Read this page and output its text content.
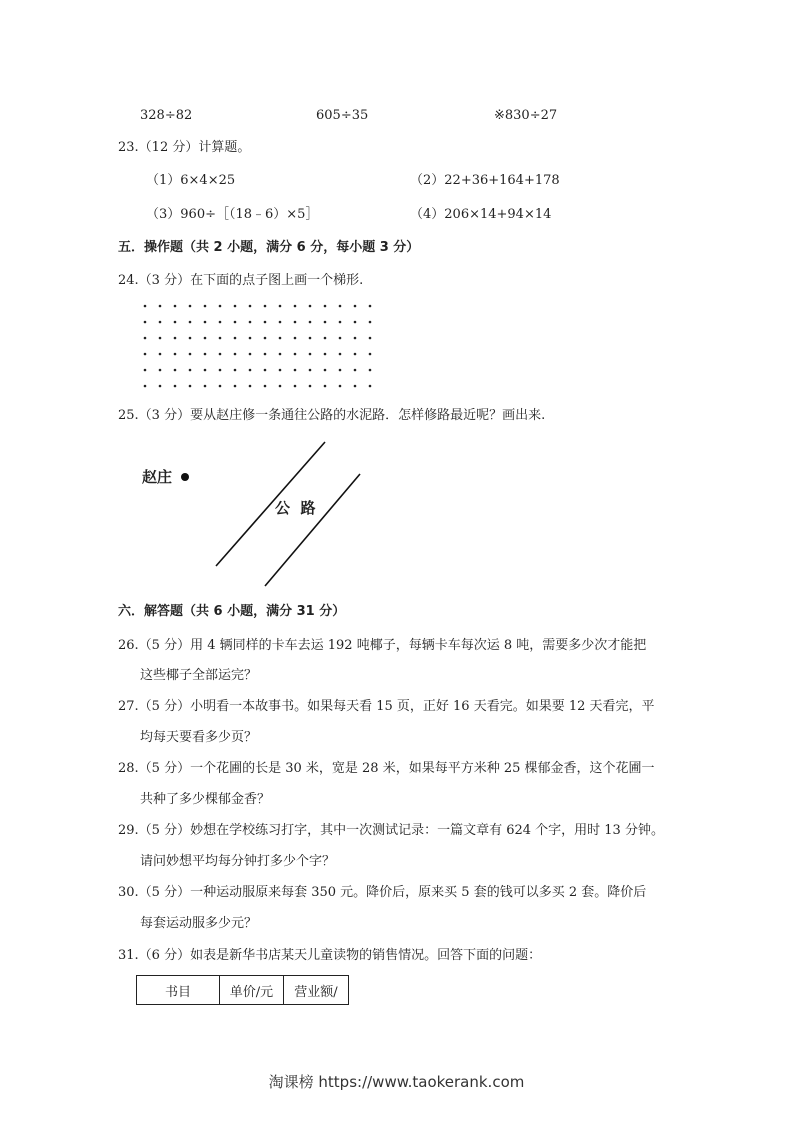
328÷82	605÷35	※830÷27
23.（12 分）计算题。
（1）6×4×25	（2）22+36+164+178
（3）960÷［（18﹣6）×5］	（4）206×14+94×14
五．操作题（共 2 小题，满分 6 分，每小题 3 分）
24.（3 分）在下面的点子图上画一个梯形.
25.（3 分）要从赵庄修一条通往公路的水泥路．怎样修路最近呢？画出来.
赵庄
公  路
六．解答题（共 6 小题，满分 31 分）
26.（5 分）用 4 辆同样的卡车去运 192 吨椰子，每辆卡车每次运 8 吨，需要多少次才能把
这些椰子全部运完？
27.（5 分）小明看一本故事书。如果每天看 15 页，正好 16 天看完。如果要 12 天看完，平
均每天要看多少页？
28.（5 分）一个花圃的长是 30 米，宽是 28 米，如果每平方米种 25 棵郁金香，这个花圃一
共种了多少棵郁金香？
29.（5 分）妙想在学校练习打字，其中一次测试记录：一篇文章有 624 个字，用时 13 分钟。
请问妙想平均每分钟打多少个字？
30.（5 分）一种运动服原来每套 350 元。降价后，原来买 5 套的钱可以多买 2 套。降价后
每套运动服多少元？
31.（6 分）如表是新华书店某天儿童读物的销售情况。回答下面的问题：
书目	单价/元	营业额/
淘课榜 https://www.taokerank.com
